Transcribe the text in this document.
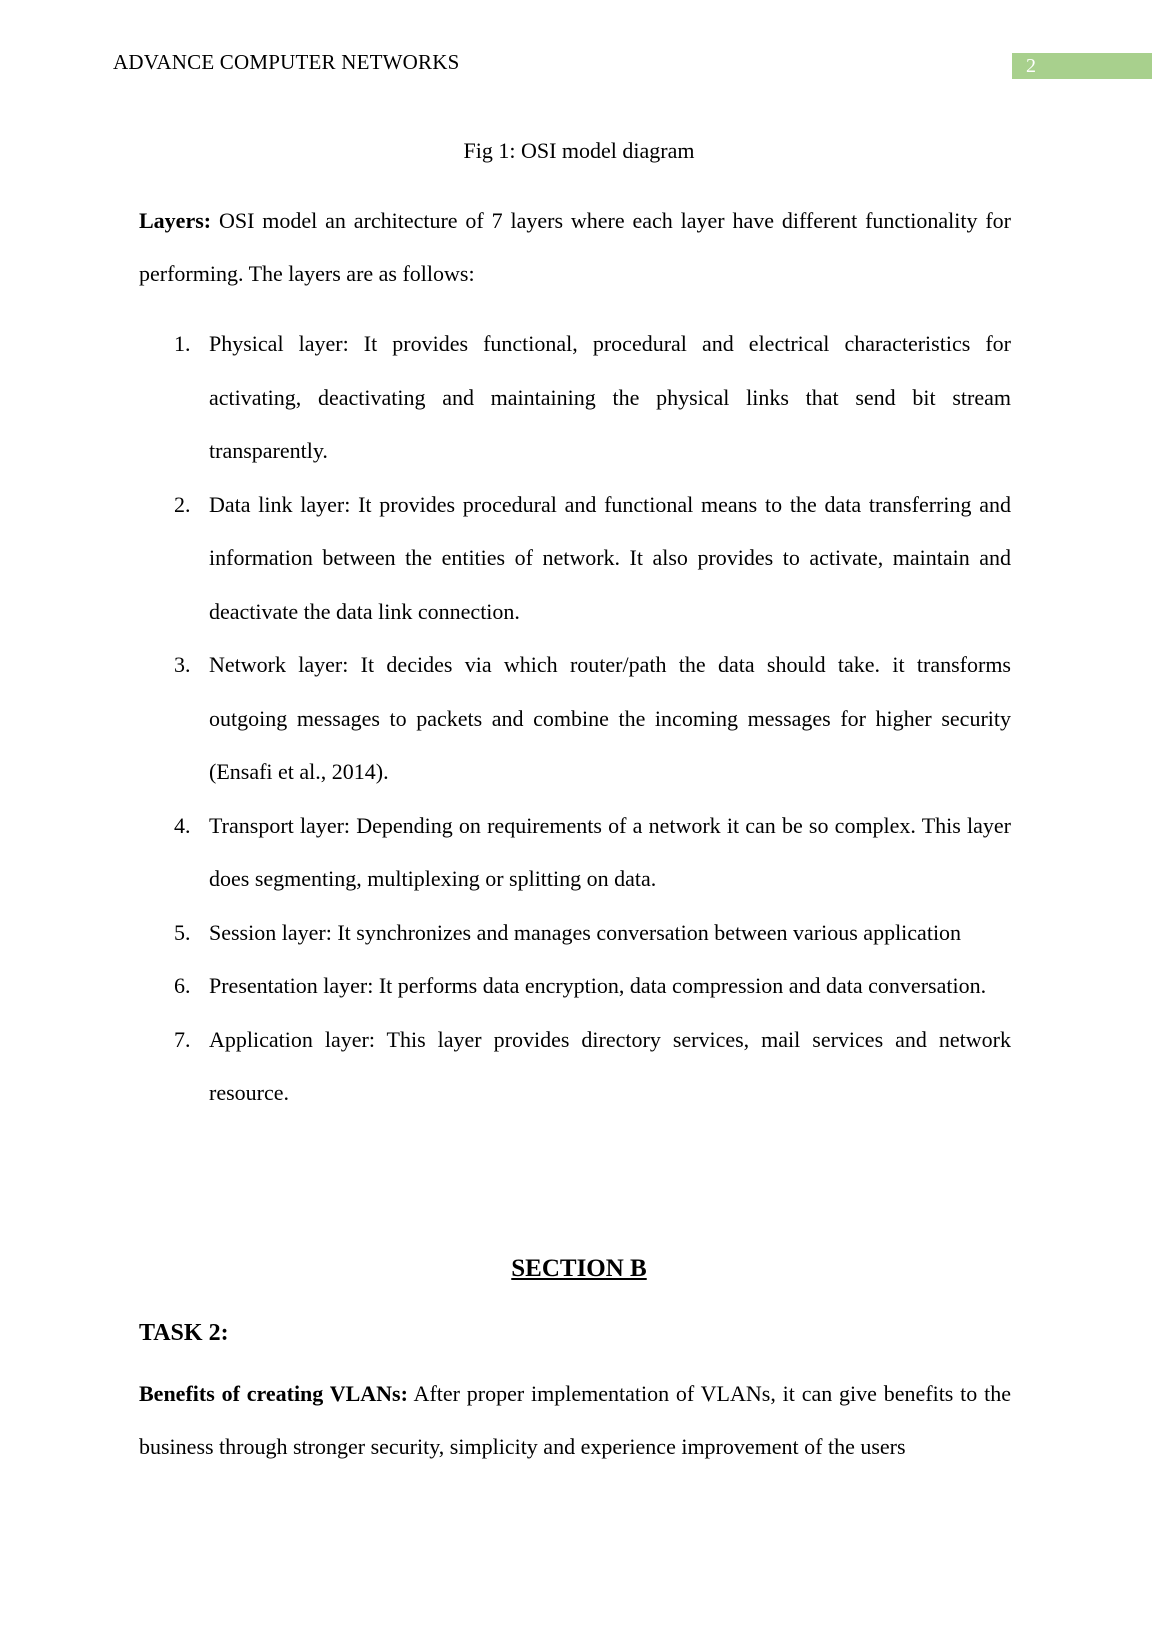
ADVANCE COMPUTER NETWORKS	2
Fig 1: OSI model diagram
Layers: OSI model an architecture of 7 layers where each layer have different functionality for performing. The layers are as follows:
1. Physical layer: It provides functional, procedural and electrical characteristics for activating, deactivating and maintaining the physical links that send bit stream transparently.
2. Data link layer: It provides procedural and functional means to the data transferring and information between the entities of network. It also provides to activate, maintain and deactivate the data link connection.
3. Network layer: It decides via which router/path the data should take. it transforms outgoing messages to packets and combine the incoming messages for higher security (Ensafi et al., 2014).
4. Transport layer: Depending on requirements of a network it can be so complex. This layer does segmenting, multiplexing or splitting on data.
5. Session layer: It synchronizes and manages conversation between various application
6. Presentation layer: It performs data encryption, data compression and data conversation.
7. Application layer: This layer provides directory services, mail services and network resource.
SECTION B
TASK 2:
Benefits of creating VLANs: After proper implementation of VLANs, it can give benefits to the business through stronger security, simplicity and experience improvement of the users
